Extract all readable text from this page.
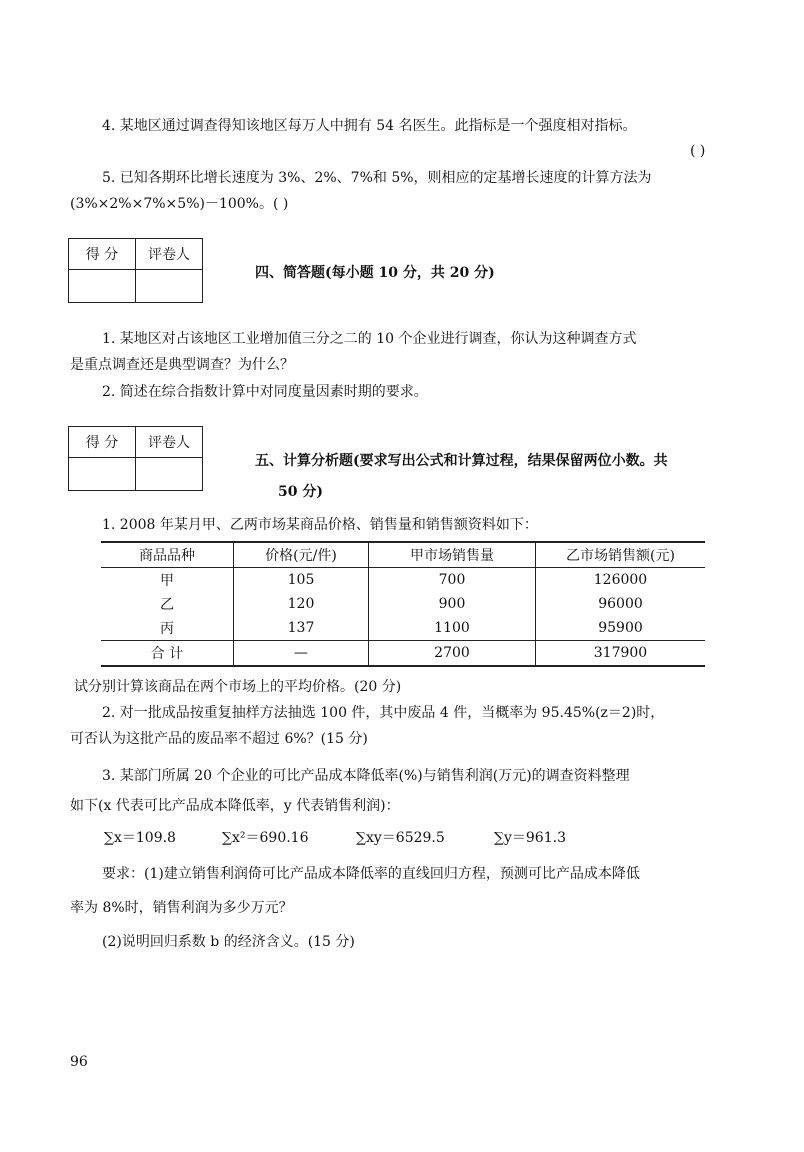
4. 某地区通过调查得知该地区每万人中拥有 54 名医生。此指标是一个强度相对指标。
( )
5. 已知各期环比增长速度为 3%、2%、7%和 5%，则相应的定基增长速度的计算方法为
(3%×2%×7%×5%)－100%。( )
得 分	评卷人

四、简答题(每小题 10 分，共 20 分)
1. 某地区对占该地区工业增加值三分之二的 10 个企业进行调查，你认为这种调查方式
是重点调查还是典型调查？为什么？
2. 简述在综合指数计算中对同度量因素时期的要求。
得 分	评卷人

五、计算分析题(要求写出公式和计算过程，结果保留两位小数。共
50 分)
1. 2008 年某月甲、乙两市场某商品价格、销售量和销售额资料如下：
商品品种	价格(元/件)	甲市场销售量	乙市场销售额(元)
甲	105	700	126000
乙	120	900	96000
丙	137	1100	95900
合 计	—	2700	317900
试分别计算该商品在两个市场上的平均价格。(20 分)
2. 对一批成品按重复抽样方法抽选 100 件，其中废品 4 件，当概率为 95.45%(z＝2)时，
可否认为这批产品的废品率不超过 6%？(15 分)
3. 某部门所属 20 个企业的可比产品成本降低率(%)与销售利润(万元)的调查资料整理
如下(x 代表可比产品成本降低率，y 代表销售利润)：
∑x＝109.8	∑x²＝690.16	∑xy＝6529.5	∑y＝961.3
要求：(1)建立销售利润倚可比产品成本降低率的直线回归方程，预测可比产品成本降低
率为 8%时，销售利润为多少万元？
(2)说明回归系数 b 的经济含义。(15 分)
96
